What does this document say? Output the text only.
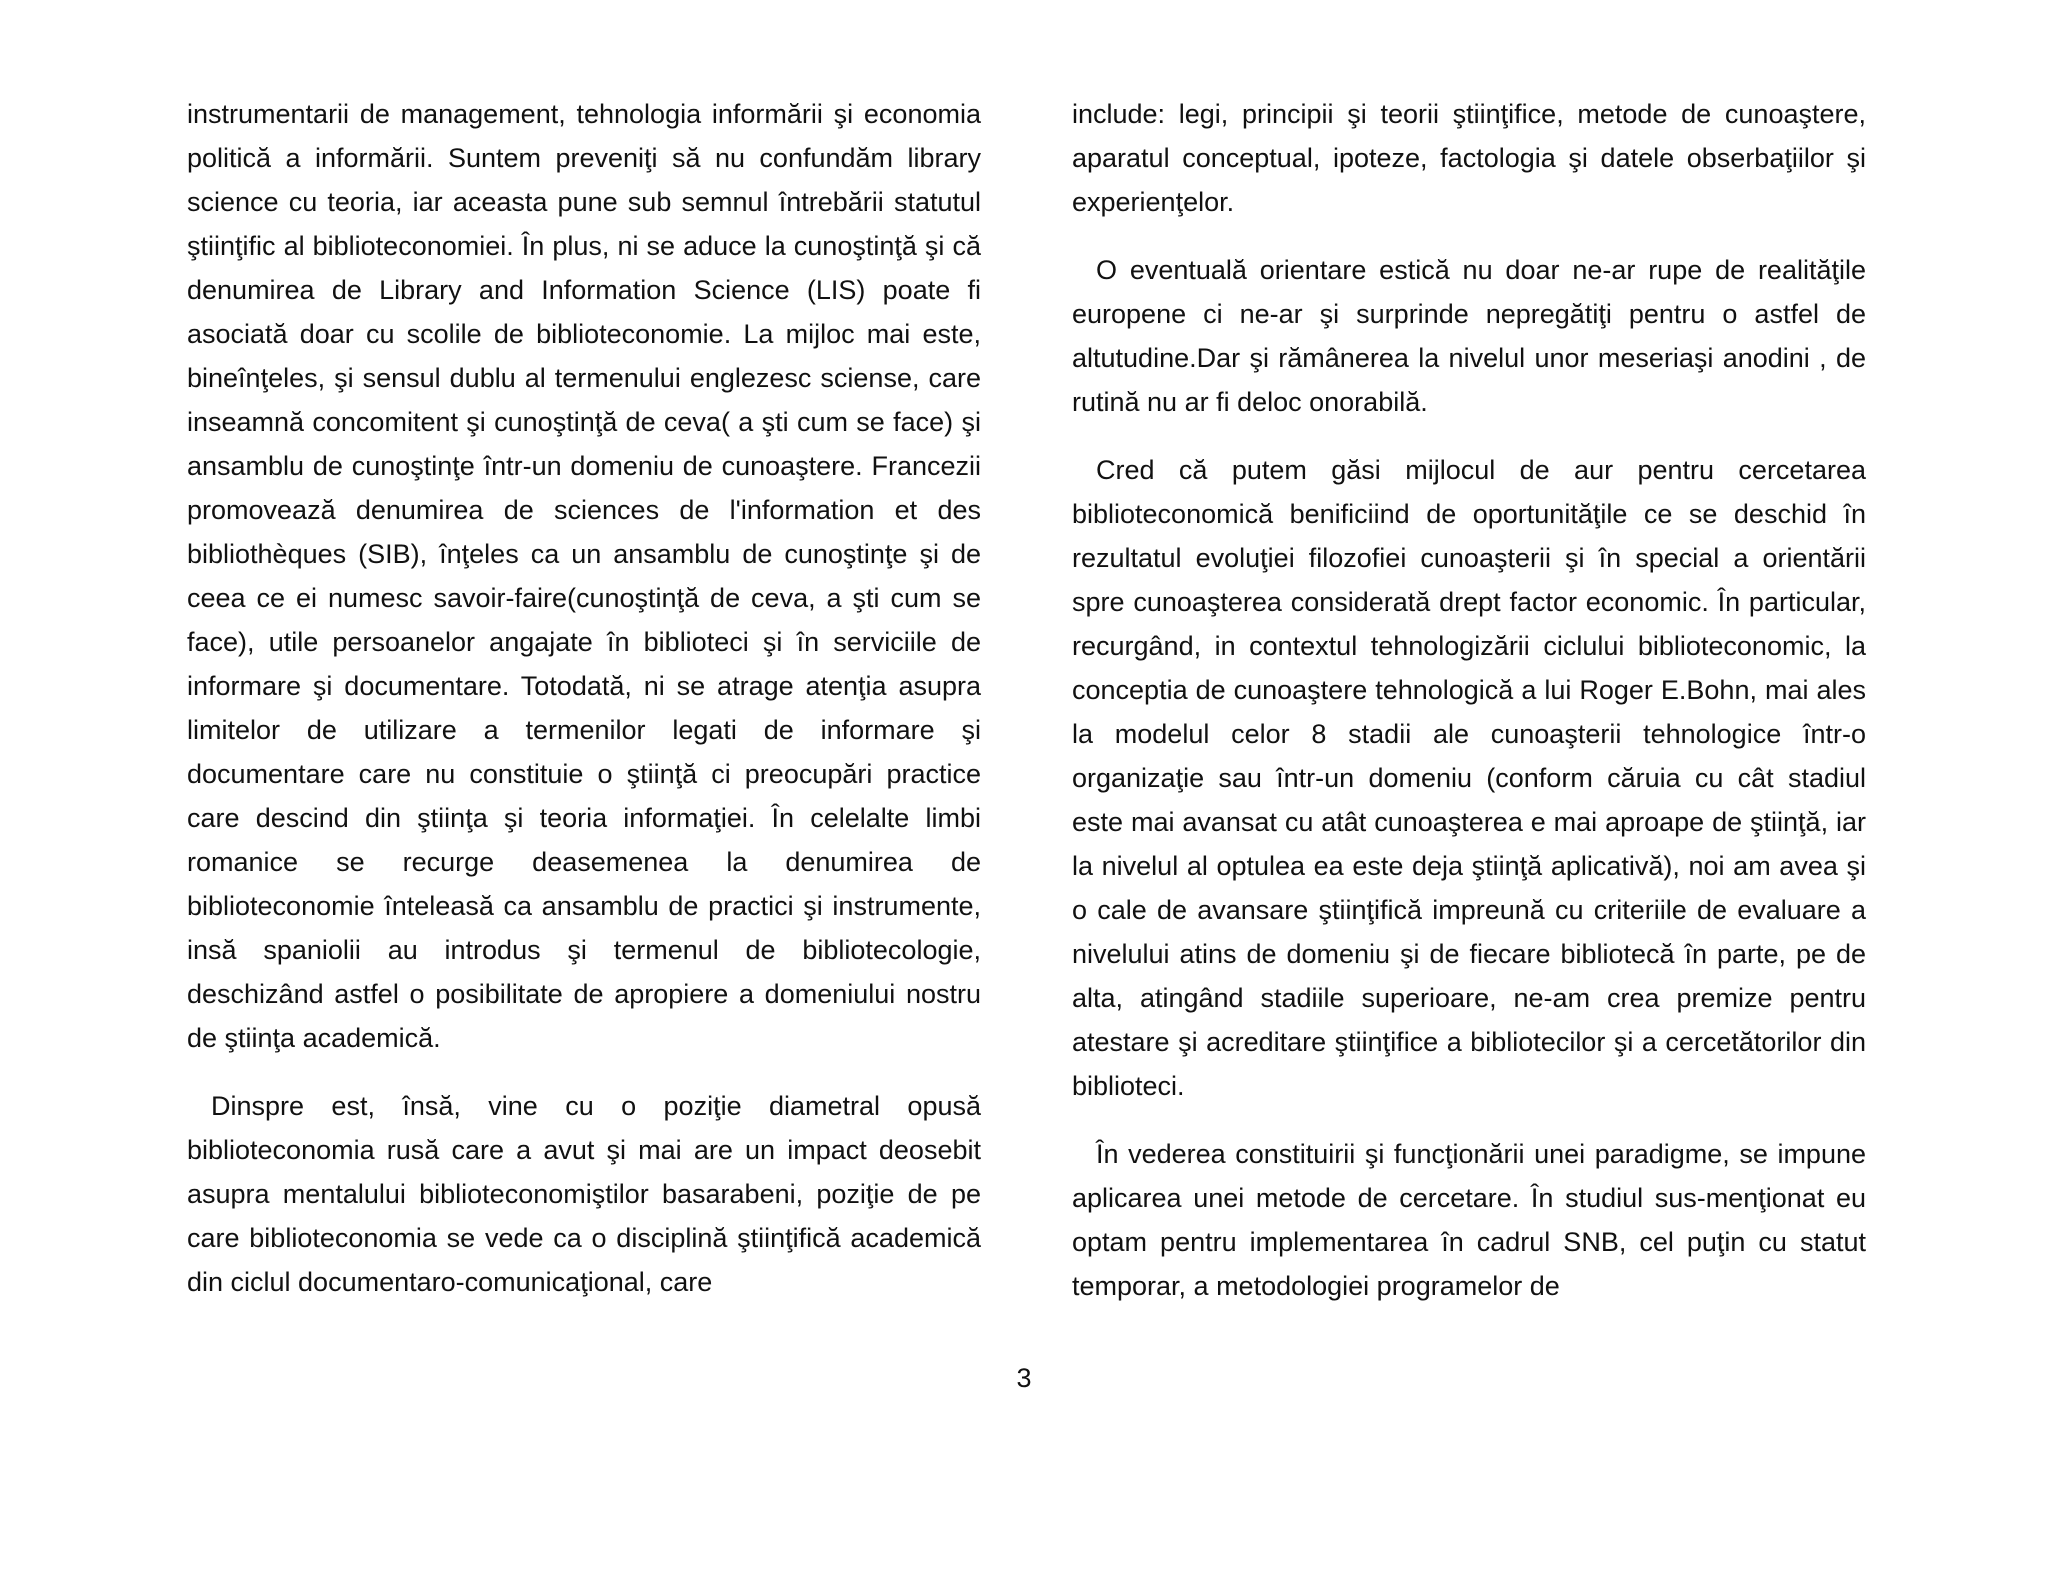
instrumentarii de management, tehnologia informării şi economia politică a informării. Suntem preveniţi să nu confundăm library science cu teoria, iar aceasta pune sub semnul întrebării statutul ştiinţific al biblioteconomiei. În plus, ni se aduce la cunoştinţă şi că denumirea de Library and Information Science (LIS) poate fi asociată doar cu scolile de biblioteconomie. La mijloc mai este, bineînţeles, şi sensul dublu al termenului englezesc sciense, care inseamnă concomitent şi cunoştinţă de ceva( a şti cum se face) şi ansamblu de cunoştinţe într-un domeniu de cunoaştere. Francezii promovează denumirea de sciences de l'information et des bibliothèques (SIB), înţeles ca un ansamblu de cunoştinţe şi de ceea ce ei numesc savoir-faire(cunoştinţă de ceva, a şti cum se face), utile persoanelor angajate în biblioteci şi în serviciile de informare şi documentare. Totodată, ni se atrage atenţia asupra limitelor de utilizare a termenilor legati de informare şi documentare care nu constituie o ştiinţă ci preocupări practice care descind din ştiinţa şi teoria informaţiei. În celelalte limbi romanice se recurge deasemenea la denumirea de biblioteconomie înteleasă ca ansamblu de practici şi instrumente, insă spaniolii au introdus şi termenul de bibliotecologie, deschizând astfel o posibilitate de apropiere a domeniului nostru de ştiinţa academică.

Dinspre est, însă, vine cu o poziţie diametral opusă biblioteconomia rusă care a avut şi mai are un impact deosebit asupra mentalului biblioteconomiştilor basarabeni, poziţie de pe care biblioteconomia se vede ca o disciplină ştiinţifică academică din ciclul documentaro-comunicaţional, care

include: legi, principii şi teorii ştiinţifice, metode de cunoaştere, aparatul conceptual, ipoteze, factologia şi datele obserbaţiilor şi experienţelor.

O eventuală orientare estică nu doar ne-ar rupe de realităţile europene ci ne-ar şi surprinde nepregătiţi pentru o astfel de altutudine.Dar şi rămânerea la nivelul unor meseriaşi anodini , de rutină nu ar fi deloc onorabilă.

Cred că putem găsi mijlocul de aur pentru cercetarea biblioteconomică benificiind de oportunităţile ce se deschid în rezultatul evoluţiei filozofiei cunoaşterii şi în special a orientării spre cunoaşterea considerată drept factor economic. În particular, recurgând, in contextul tehnologizării ciclului biblioteconomic, la conceptia de cunoaştere tehnologică a lui Roger E.Bohn, mai ales la modelul celor 8 stadii ale cunoaşterii tehnologice într-o organizaţie sau într-un domeniu (conform căruia cu cât stadiul este mai avansat cu atât cunoaşterea e mai aproape de ştiinţă, iar la nivelul al optulea ea este deja ştiinţă aplicativă), noi am avea şi o cale de avansare ştiinţifică impreună cu criteriile de evaluare a nivelului atins de domeniu şi de fiecare bibliotecă în parte, pe de alta, atingând stadiile superioare, ne-am crea premize pentru atestare şi acreditare ştiinţifice a bibliotecilor şi a cercetătorilor din biblioteci.

În vederea constituirii şi funcţionării unei paradigme, se impune aplicarea unei metode de cercetare. În studiul sus-menţionat eu optam pentru implementarea în cadrul SNB, cel puţin cu statut temporar, a metodologiei programelor de

3
